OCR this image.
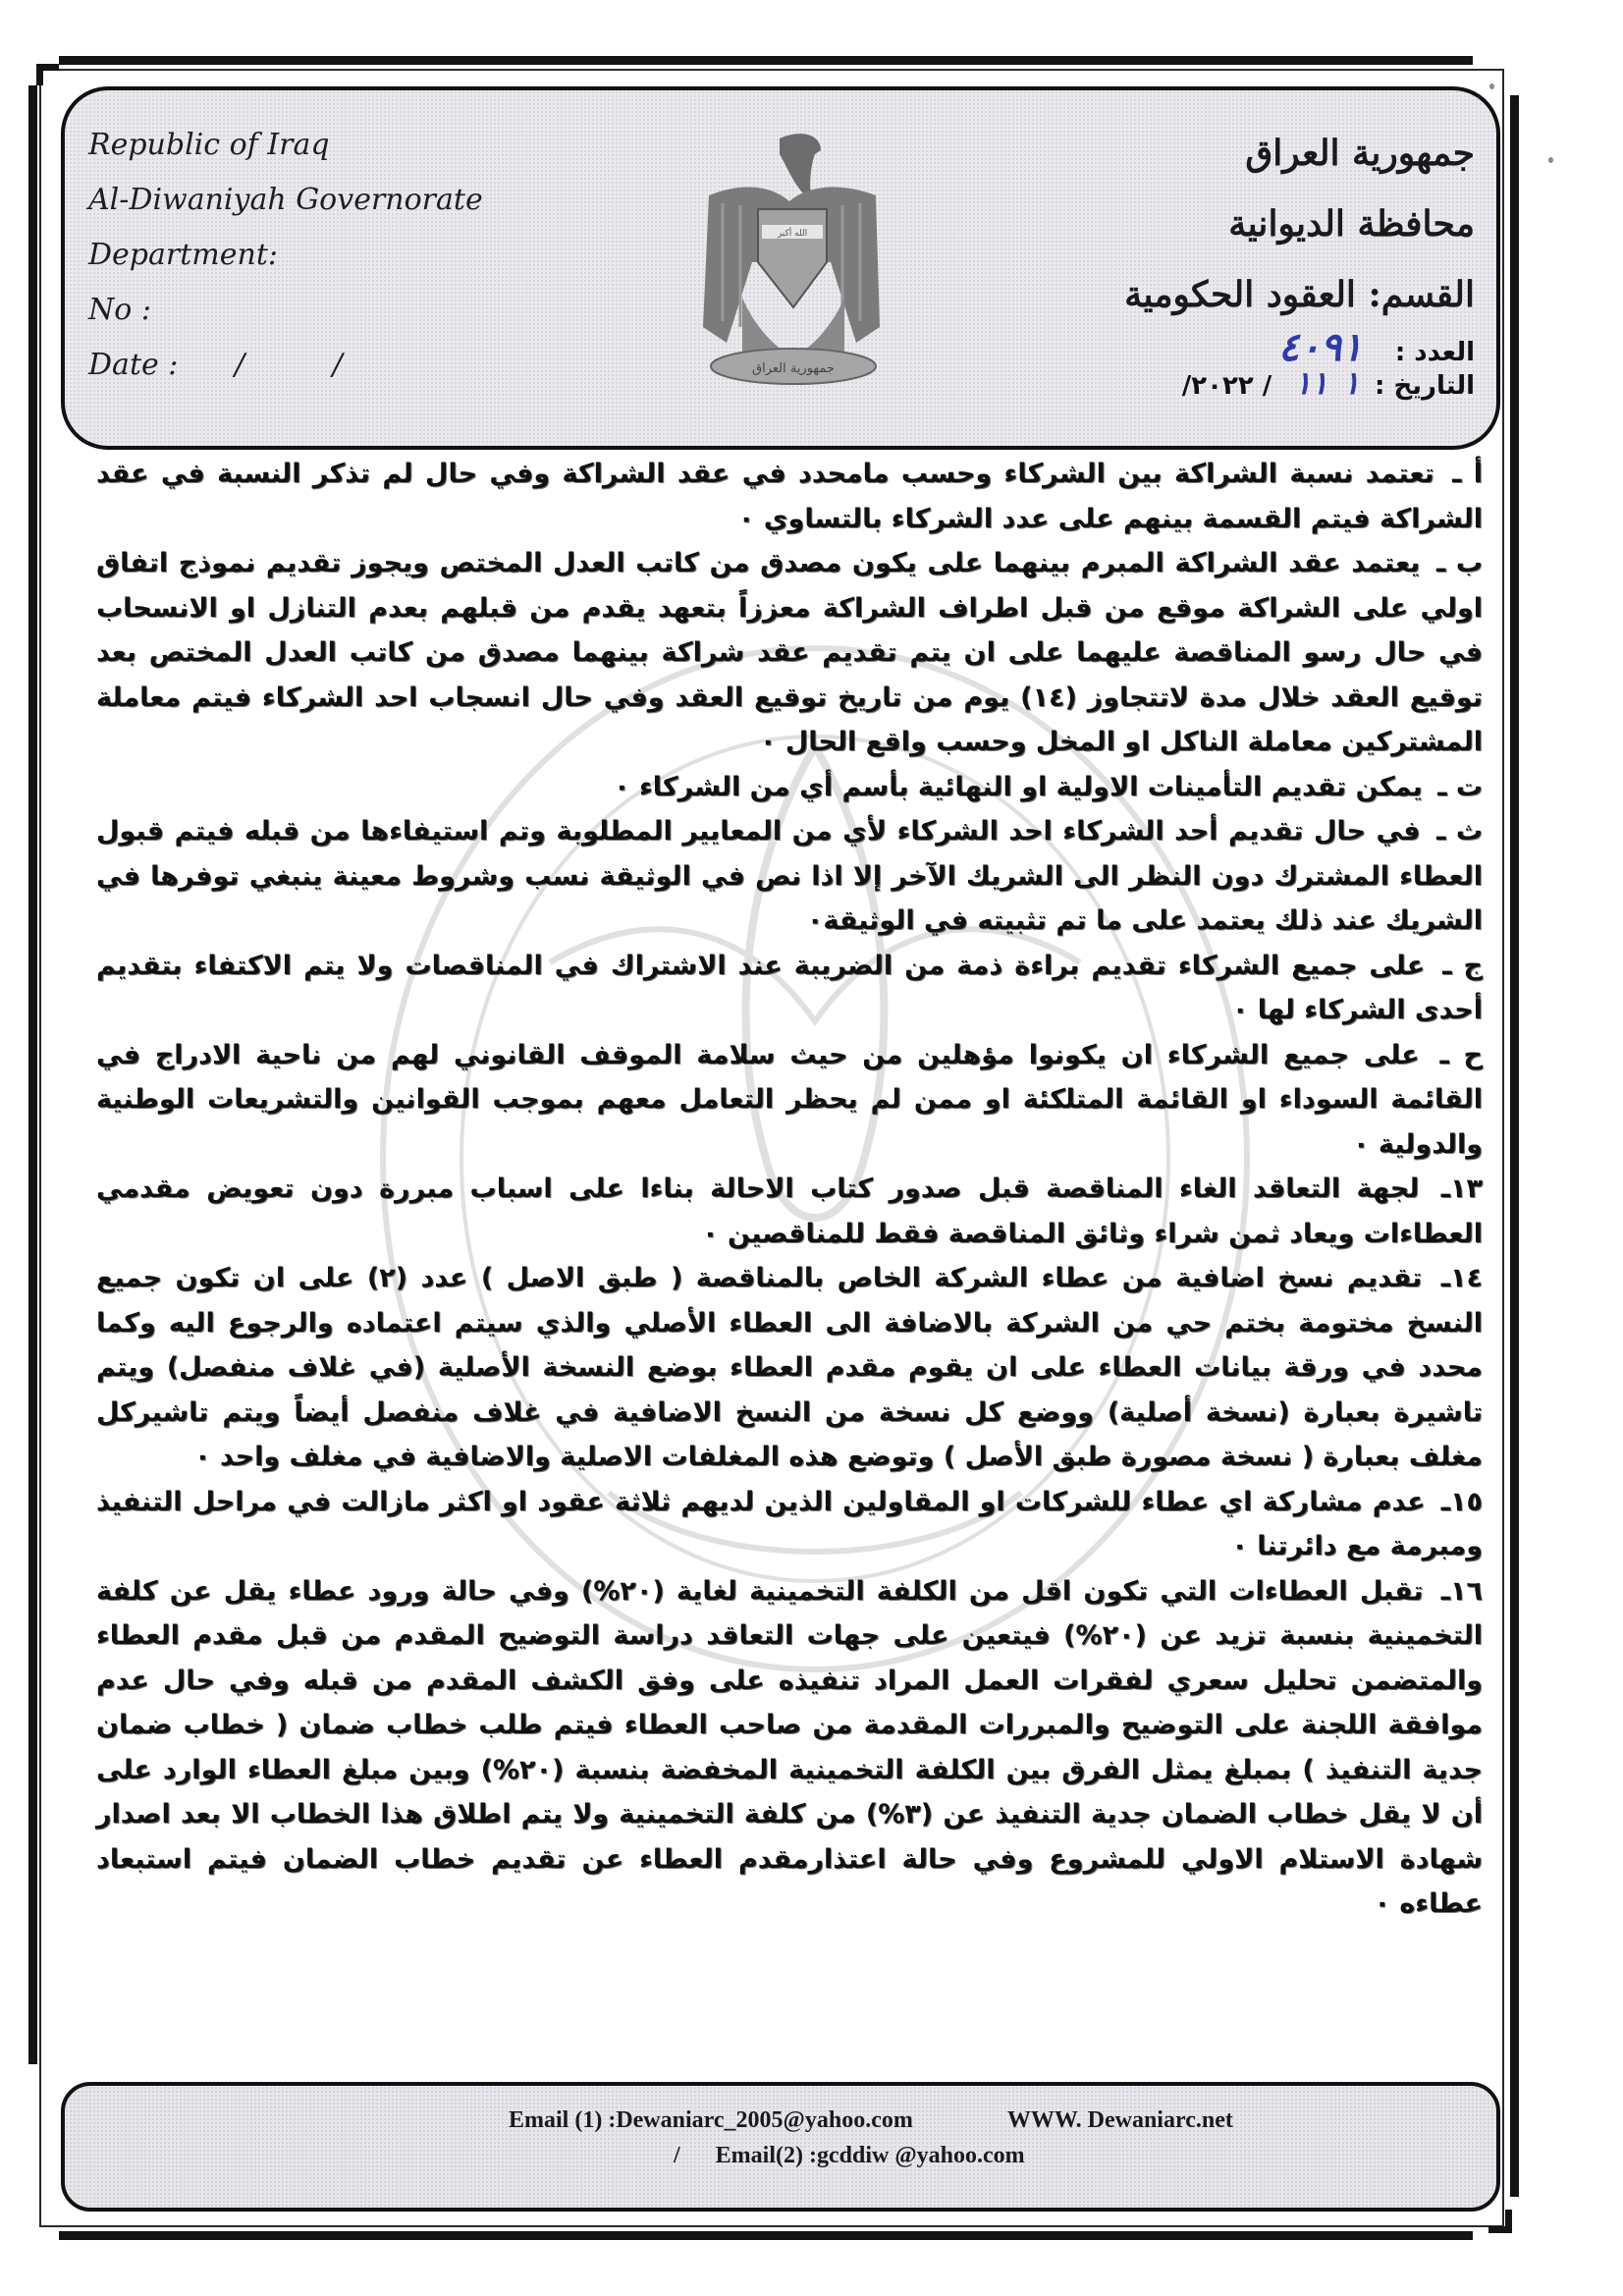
Republic of Iraq
Al-Diwaniyah Governorate
Department:
No :
Date : / /
الله أكبر
جمهورية العراق
جمهورية العراق
محافظة الديوانية
القسم: العقود الحكومية
العدد : ٤٠٩١
التاريخ : ١ ١١ / ٢٠٢٢/

أ ـ تعتمد نسبة الشراكة بين الشركاء وحسب مامحدد في عقد الشراكة وفي حال لم تذكر النسبة في عقد الشراكة فيتم القسمة بينهم على عدد الشركاء بالتساوي ٠

ب ـ يعتمد عقد الشراكة المبرم بينهما على يكون مصدق من كاتب العدل المختص ويجوز تقديم نموذج اتفاق اولي على الشراكة موقع من قبل اطراف الشراكة معززاً بتعهد يقدم من قبلهم بعدم التنازل او الانسحاب في حال رسو المناقصة عليهما على ان يتم تقديم عقد شراكة بينهما مصدق من كاتب العدل المختص بعد توقيع العقد خلال مدة لاتتجاوز (١٤) يوم من تاريخ توقيع العقد وفي حال انسجاب احد الشركاء فيتم معاملة المشتركين معاملة الناكل او المخل وحسب واقع الحال ٠

ت ـ يمكن تقديم التأمينات الاولية او النهائية بأسم أي من الشركاء ٠

ث ـ في حال تقديم أحد الشركاء احد الشركاء لأي من المعايير المطلوبة وتم استيفاءها من قبله فيتم قبول العطاء المشترك دون النظر الى الشريك الآخر إلا اذا نص في الوثيقة نسب وشروط معينة ينبغي توفرها في الشريك عند ذلك يعتمد على ما تم تثبيته في الوثيقة٠

ج ـ على جميع الشركاء تقديم براءة ذمة من الضريبة عند الاشتراك في المناقصات ولا يتم الاكتفاء بتقديم أحدى الشركاء لها ٠

ح ـ على جميع الشركاء ان يكونوا مؤهلين من حيث سلامة الموقف القانوني لهم من ناحية الادراج في القائمة السوداء او القائمة المتلكئة او ممن لم يحظر التعامل معهم بموجب القوانين والتشريعات الوطنية والدولية ٠

١٣ـ لجهة التعاقد الغاء المناقصة قبل صدور كتاب الاحالة بناءا على اسباب مبررة دون تعويض مقدمي العطاءات ويعاد ثمن شراء وثائق المناقصة فقط للمناقصين ٠

١٤ـ تقديم نسخ اضافية من عطاء الشركة الخاص بالمناقصة ( طبق الاصل ) عدد (٢) على ان تكون جميع النسخ مختومة بختم حي من الشركة بالاضافة الى العطاء الأصلي والذي سيتم اعتماده والرجوع اليه وكما محدد في ورقة بيانات العطاء على ان يقوم مقدم العطاء بوضع النسخة الأصلية (في غلاف منفصل) ويتم تاشيرة بعبارة (نسخة أصلية) ووضع كل نسخة من النسخ الاضافية في غلاف منفصل أيضاً ويتم تاشيركل مغلف بعبارة ( نسخة مصورة طبق الأصل ) وتوضع هذه المغلفات الاصلية والاضافية في مغلف واحد ٠

١٥ـ عدم مشاركة اي عطاء للشركات او المقاولين الذين لديهم ثلاثة عقود او اكثر مازالت في مراحل التنفيذ ومبرمة مع دائرتنا ٠

١٦ـ تقبل العطاءات التي تكون اقل من الكلفة التخمينية لغاية (٢٠%) وفي حالة ورود عطاء يقل عن كلفة التخمينية بنسبة تزيد عن (٢٠%) فيتعين على جهات التعاقد دراسة التوضيح المقدم من قبل مقدم العطاء والمتضمن تحليل سعري لفقرات العمل المراد تنفيذه على وفق الكشف المقدم من قبله وفي حال عدم موافقة اللجنة على التوضيح والمبررات المقدمة من صاحب العطاء فيتم طلب خطاب ضمان ( خطاب ضمان جدية التنفيذ ) بمبلغ يمثل الفرق بين الكلفة التخمينية المخفضة بنسبة (٢٠%) وبين مبلغ العطاء الوارد على أن لا يقل خطاب الضمان جدية التنفيذ عن (٣%) من كلفة التخمينية ولا يتم اطلاق هذا الخطاب الا بعد اصدار شهادة الاستلام الاولي للمشروع وفي حالة اعتذارمقدم العطاء عن تقديم خطاب الضمان فيتم استبعاد عطاءه ٠

Email (1) :Dewaniarc_2005@yahoo.com	WWW. Dewaniarc.net
/ Email(2) :gcddiw @yahoo.com
